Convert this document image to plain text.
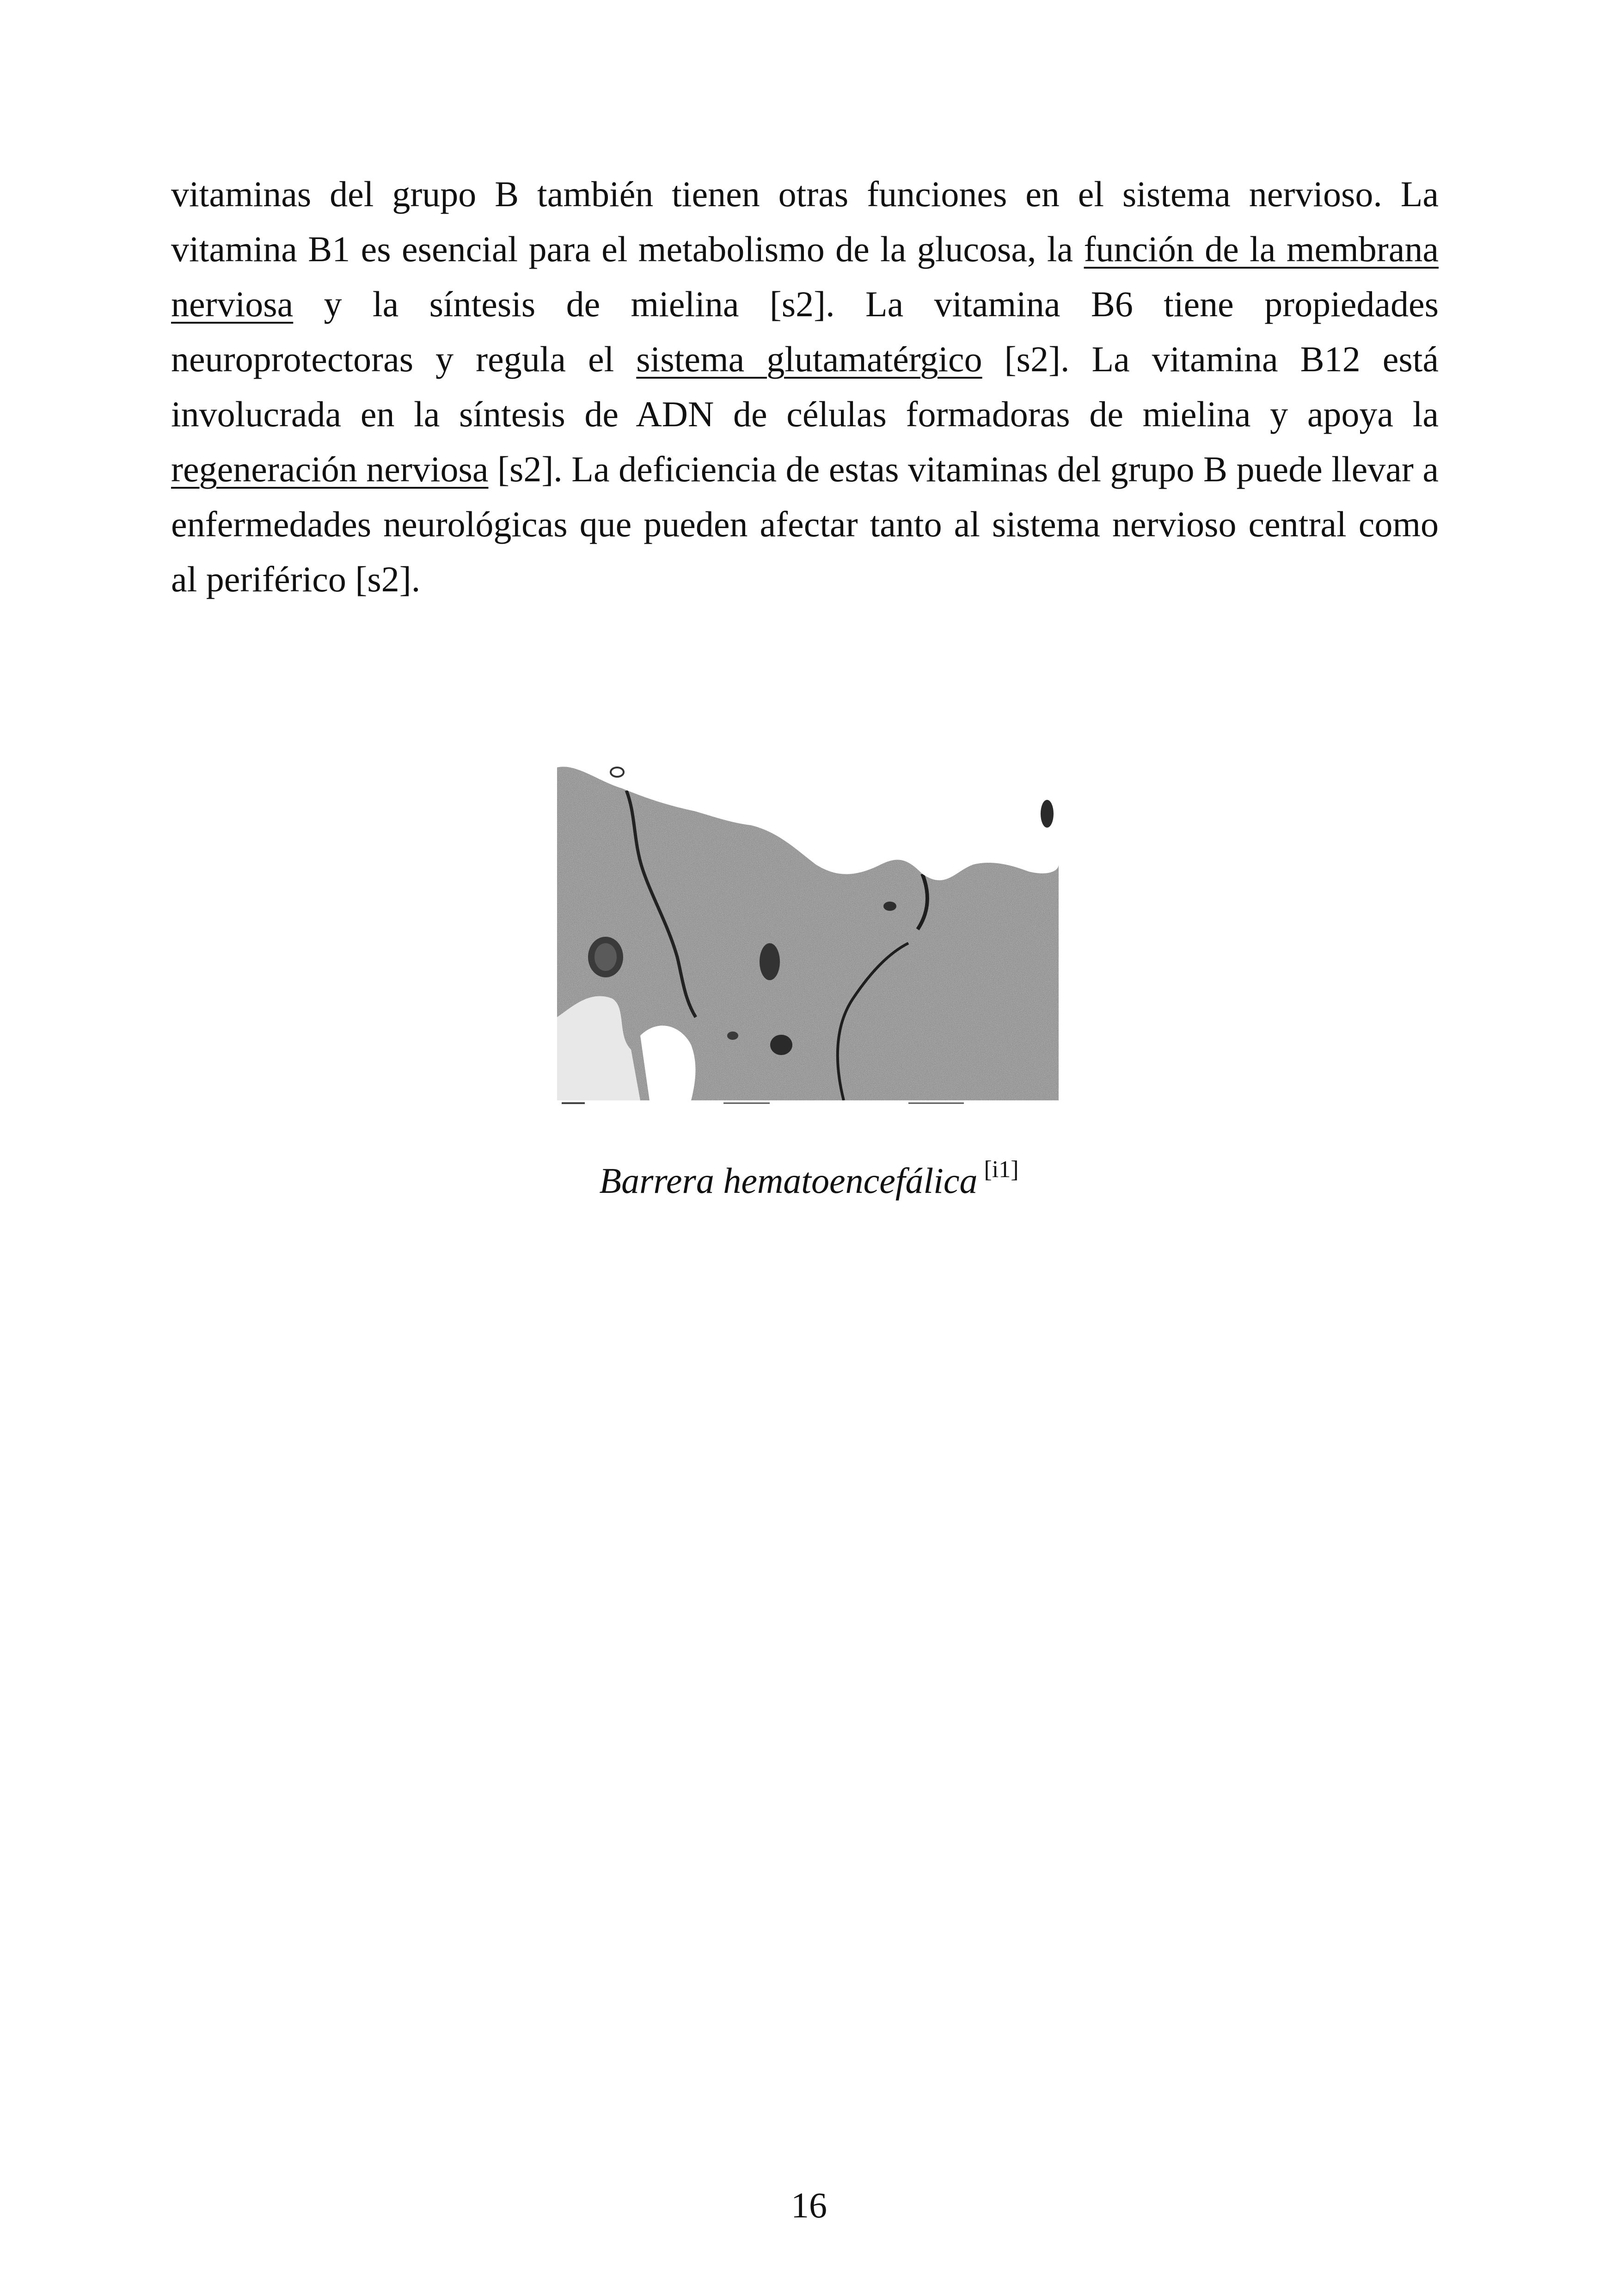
vitaminas del grupo B también tienen otras funciones en el sistema nervioso. La vitamina B1 es esencial para el metabolismo de la glucosa, la función de la membrana nerviosa y la síntesis de mielina [s2]. La vitamina B6 tiene propiedades neuroprotectoras y regula el sistema glutamatérgico [s2]. La vitamina B12 está involucrada en la síntesis de ADN de células formadoras de mielina y apoya la regeneración nerviosa [s2]. La deficiencia de estas vitaminas del grupo B puede llevar a enfermedades neurológicas que pueden afectar tanto al sistema nervioso central como al periférico [s2].

Barrera hematoencefálica [i1]
16
